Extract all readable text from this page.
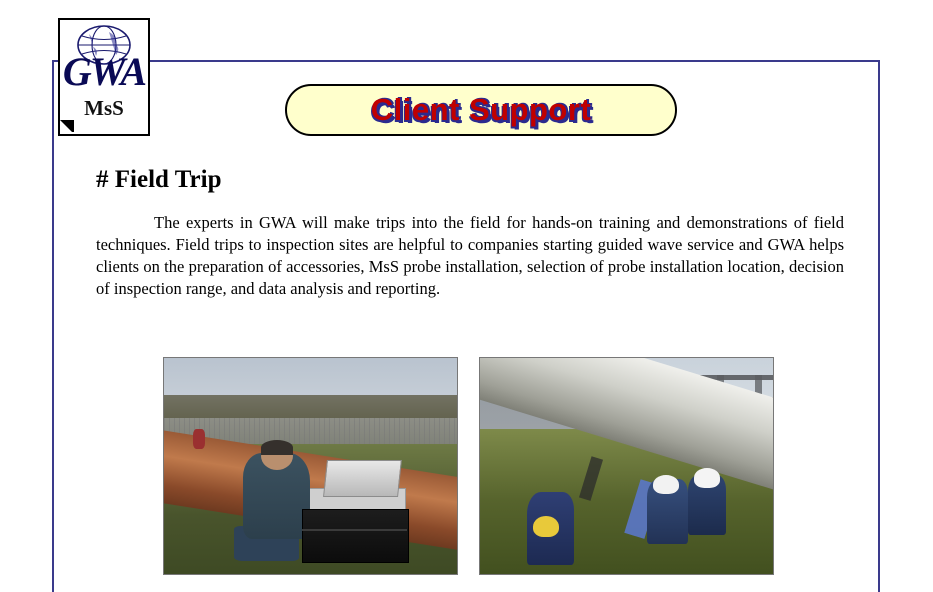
GWA
MsS	Client Support
# Field Trip

The experts in GWA will make trips into the field for hands-on training and demonstrations of field techniques. Field trips to inspection sites are helpful to companies starting guided wave service and GWA helps clients on the preparation of accessories, MsS probe installation, selection of probe installation location, decision of inspection range, and data analysis and reporting.
